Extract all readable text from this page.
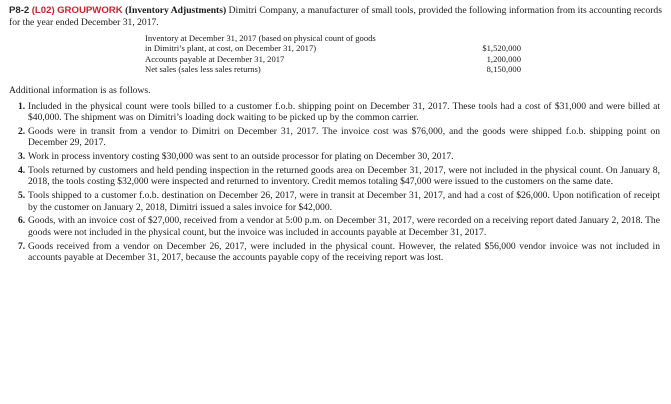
P8-2 (L02) GROUPWORK (Inventory Adjustments) Dimitri Company, a manufacturer of small tools, provided the following information from its accounting records for the year ended December 31, 2017.

Inventory at December 31, 2017 (based on physical count of goods	
in Dimitri’s plant, at cost, on December 31, 2017)	$1,520,000
Accounts payable at December 31, 2017	1,200,000
Net sales (sales less sales returns)	8,150,000

Additional information is as follows.

1. Included in the physical count were tools billed to a customer f.o.b. shipping point on December 31, 2017. These tools had a cost of $31,000 and were billed at $40,000. The shipment was on Dimitri’s loading dock waiting to be picked up by the common carrier.
2. Goods were in transit from a vendor to Dimitri on December 31, 2017. The invoice cost was $76,000, and the goods were shipped f.o.b. shipping point on December 29, 2017.
3. Work in process inventory costing $30,000 was sent to an outside processor for plating on December 30, 2017.
4. Tools returned by customers and held pending inspection in the returned goods area on December 31, 2017, were not included in the physical count. On January 8, 2018, the tools costing $32,000 were inspected and returned to inventory. Credit memos totaling $47,000 were issued to the customers on the same date.
5. Tools shipped to a customer f.o.b. destination on December 26, 2017, were in transit at December 31, 2017, and had a cost of $26,000. Upon notification of receipt by the customer on January 2, 2018, Dimitri issued a sales invoice for $42,000.
6. Goods, with an invoice cost of $27,000, received from a vendor at 5:00 p.m. on December 31, 2017, were recorded on a receiving report dated January 2, 2018. The goods were not included in the physical count, but the invoice was included in accounts payable at December 31, 2017.
7. Goods received from a vendor on December 26, 2017, were included in the physical count. However, the related $56,000 vendor invoice was not included in accounts payable at December 31, 2017, because the accounts payable copy of the receiving report was lost.
